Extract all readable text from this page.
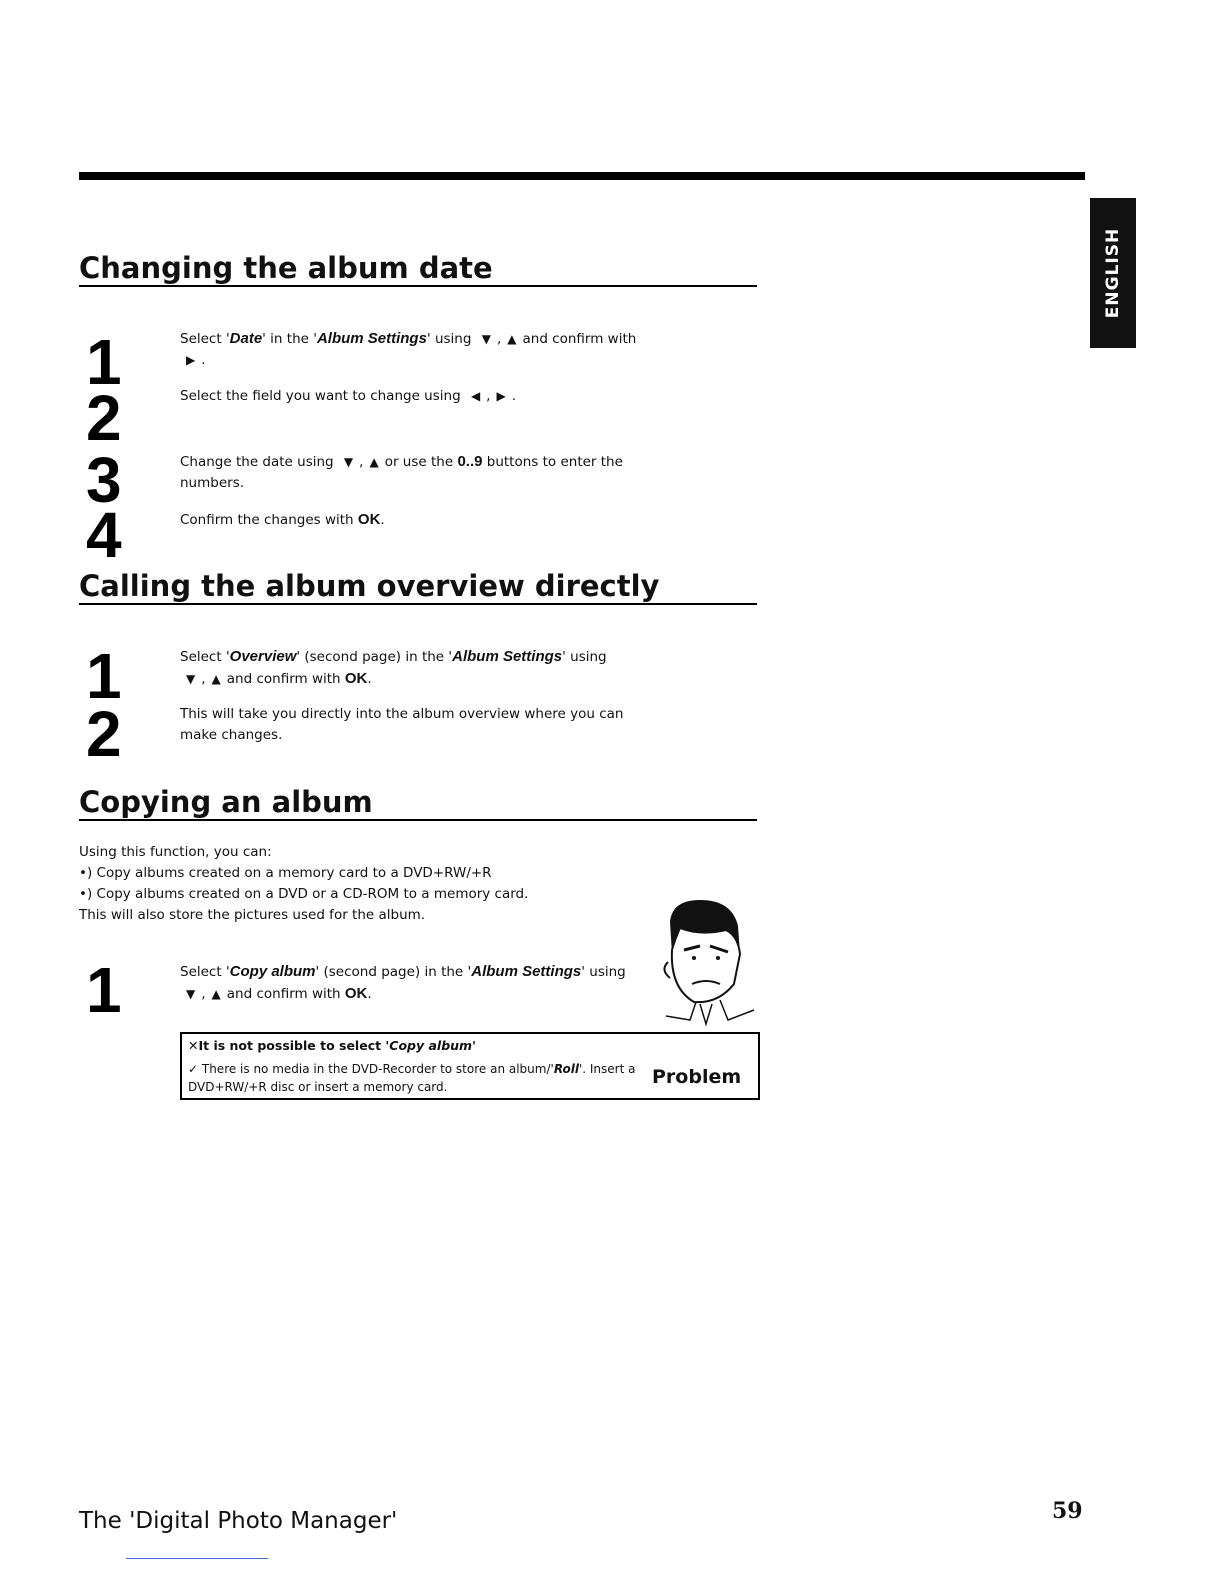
ENGLISH
Changing the album date
1	Select 'Date' in the 'Album Settings' using ▼ , ▲ and confirm with ▶ .
2	Select the field you want to change using ◀ , ▶ .
3	Change the date using ▼ , ▲ or use the 0..9 buttons to enter the numbers.
4	Confirm the changes with OK.
Calling the album overview directly
1	Select 'Overview' (second page) in the 'Album Settings' using ▼ , ▲ and confirm with OK.
2	This will take you directly into the album overview where you can make changes.
Copying an album

Using this function, you can:

•) Copy albums created on a memory card to a DVD+RW/+R

•) Copy albums created on a DVD or a CD-ROM to a memory card.

This will also store the pictures used for the album.

1	Select 'Copy album' (second page) in the 'Album Settings' using ▼ , ▲ and confirm with OK.
✕It is not possible to select 'Copy album'
✓ There is no media in the DVD-Recorder to store an album/'Roll'. Insert a DVD+RW/+R disc or insert a memory card.	Problem
The 'Digital Photo Manager'	59
